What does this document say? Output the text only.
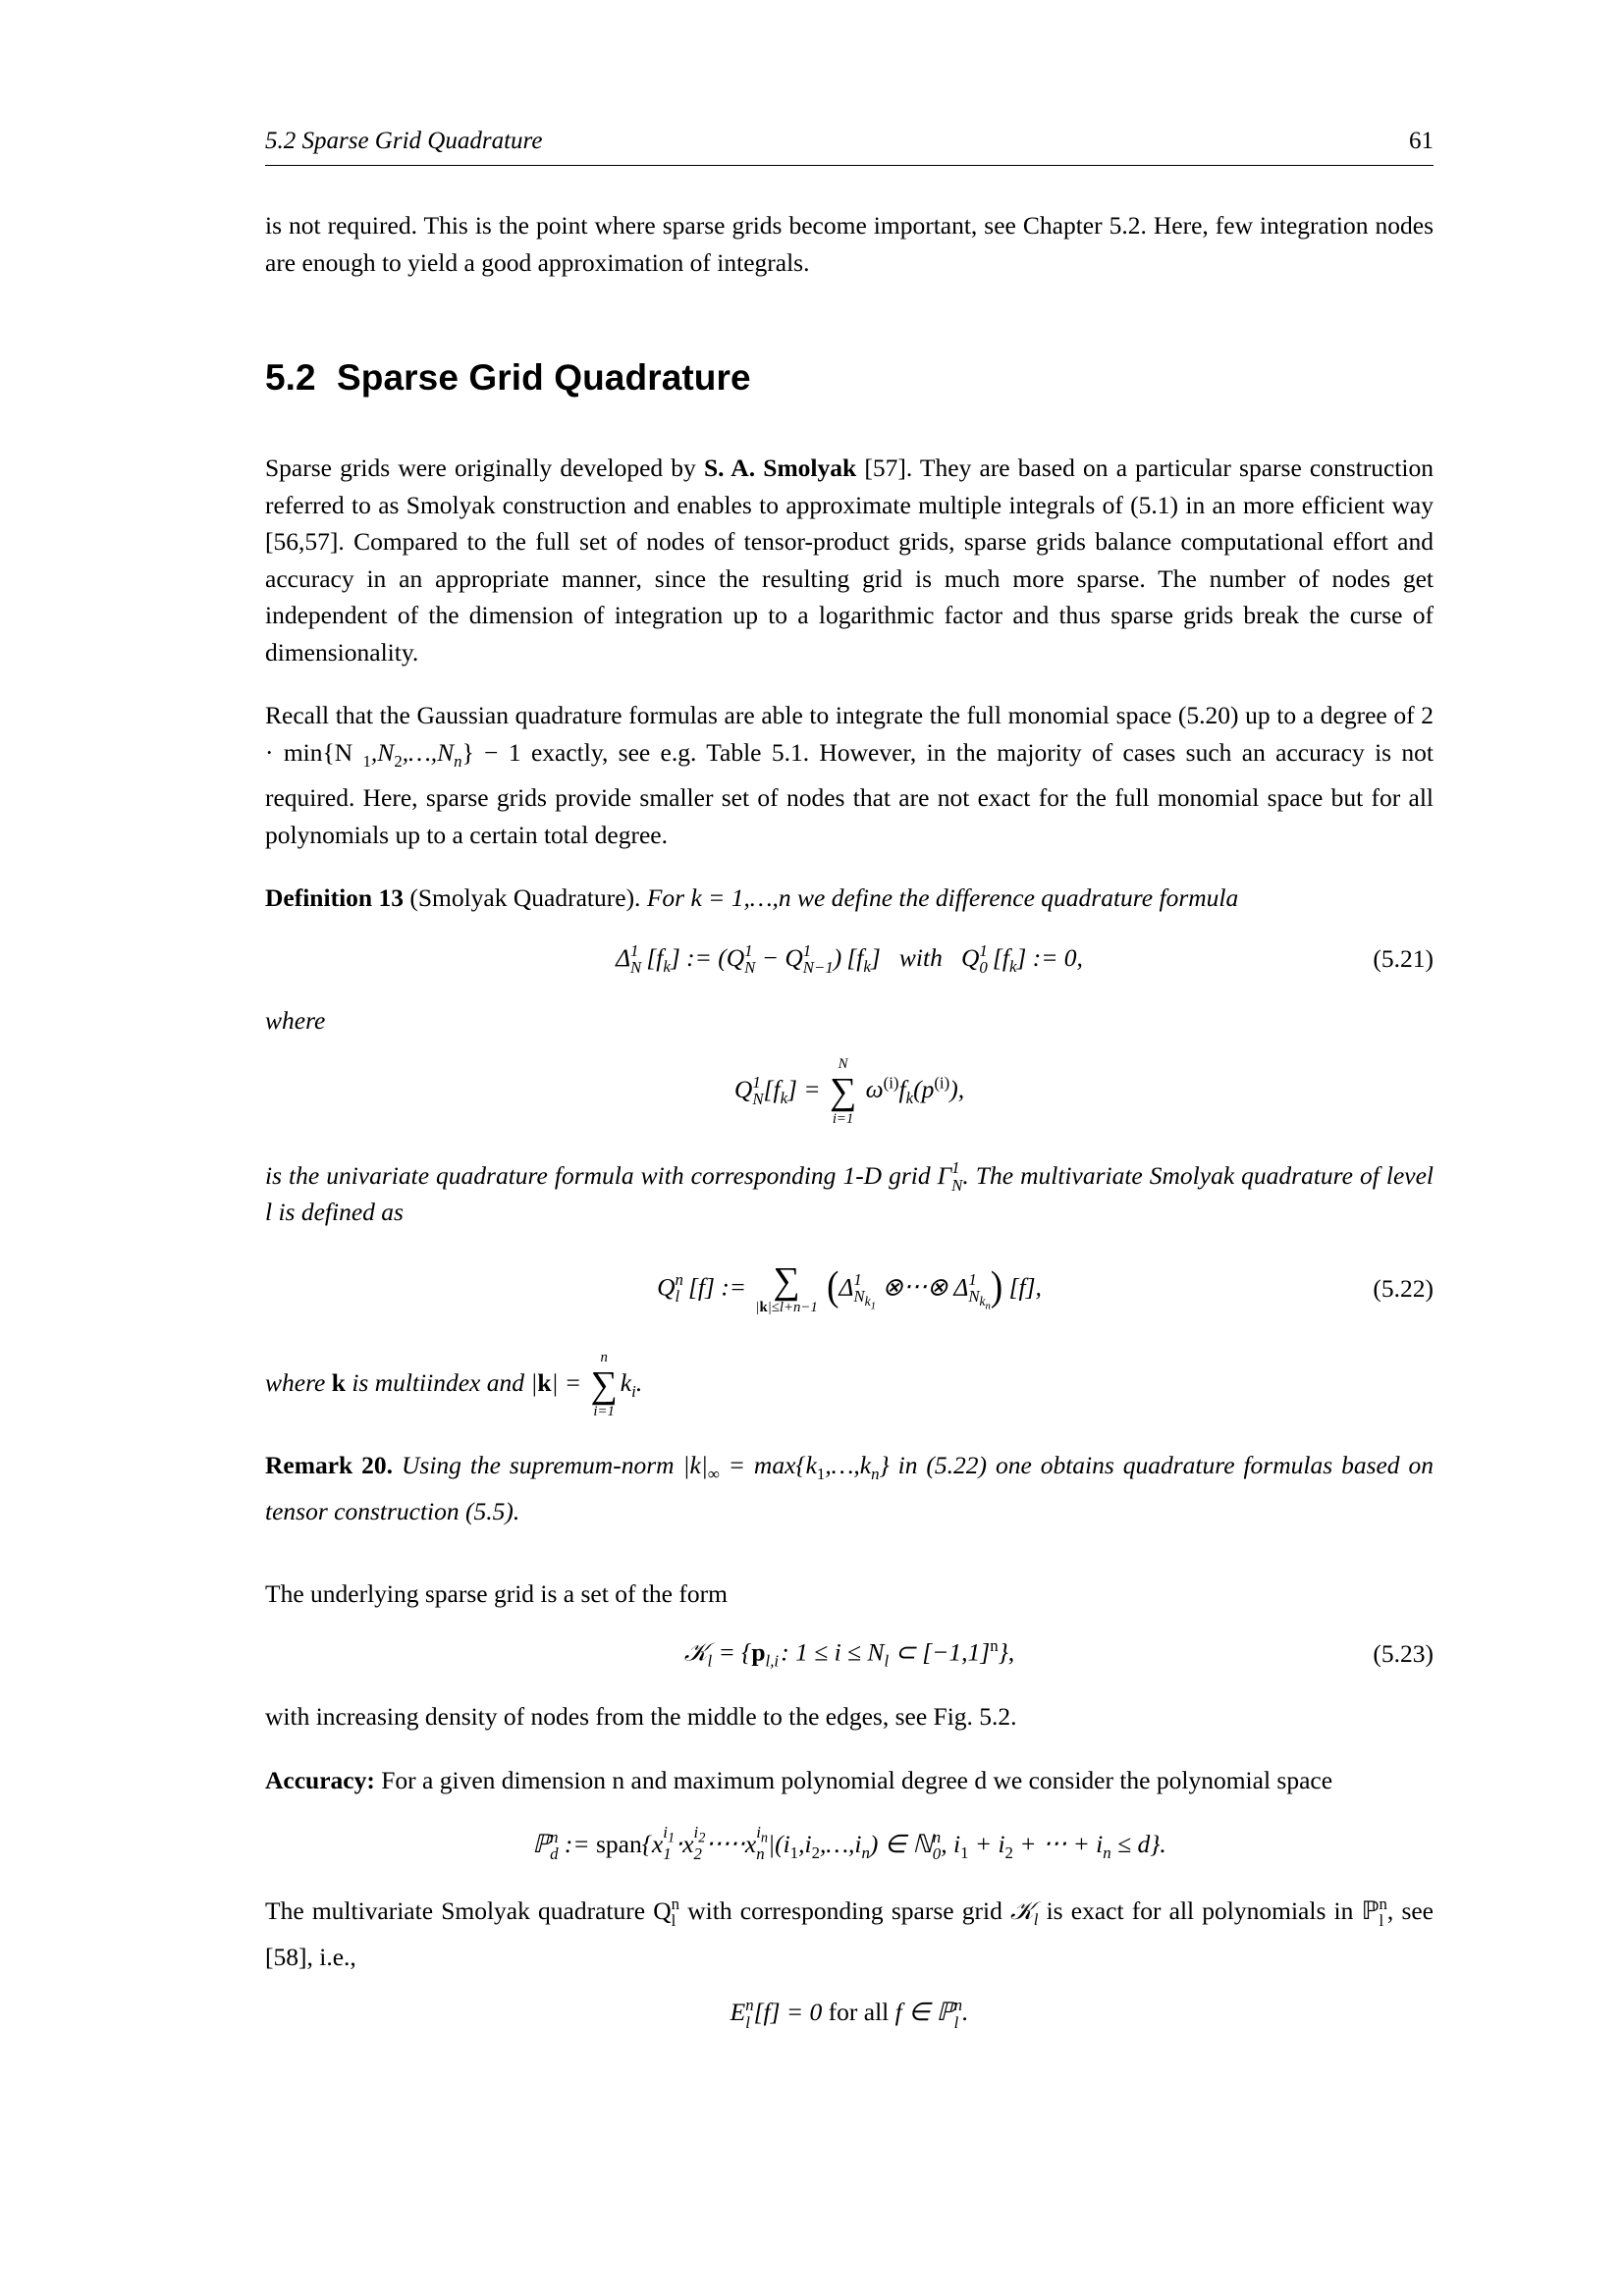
5.2 Sparse Grid Quadrature	61

is not required. This is the point where sparse grids become important, see Chapter 5.2. Here, few integration nodes are enough to yield a good approximation of integrals.

5.2 Sparse Grid Quadrature

Sparse grids were originally developed by S. A. Smolyak [57]. They are based on a particular sparse construction referred to as Smolyak construction and enables to approximate multiple integrals of (5.1) in an more efficient way [56,57]. Compared to the full set of nodes of tensor-product grids, sparse grids balance computational effort and accuracy in an appropriate manner, since the resulting grid is much more sparse. The number of nodes get independent of the dimension of integration up to a logarithmic factor and thus sparse grids break the curse of dimensionality.

Recall that the Gaussian quadrature formulas are able to integrate the full monomial space (5.20) up to a degree of 2 · min{N $_1,N_2,\dots,N_n\} - 1$ exactly, see e.g. Table 5.1. However, in the majority of cases such an accuracy is not required. Here, sparse grids provide smaller set of nodes that are not exact for the full monomial space but for all polynomials up to a certain total degree.

Definition 13 (Smolyak Quadrature). For k = 1,…,n we define the difference quadrature formula

Δ 1
N  $[f_k]$ := (Q 1
N − Q 1
N−1 ) $[f_k]$   with   Q 1
0  $[f_k]$ := 0,	(5.21)

where

Q 1
N $[f_k]$ =
N
∑
i=1
$\omega^{(i)}f_k(p^{(i)})$,

is the univariate quadrature formula with corresponding 1-D grid Γ 1
N . The multivariate Smolyak quadrature of level l is defined as

Q n
l  [f] := ∑
|k|≤l+n−1 (Δ 1
$N_{k_1}$
⊗⋅⋅⋅⊗ Δ 1
$N_{k_n}$ ) [f],	(5.22)

where k is multiindex and |k| =
n
∑
i=1
$k_i$.

Remark 20. Using the supremum-norm $|k|_\infty$ = $\max\{k_1,\dots,k_n\}$ in (5.22) one obtains quadrature formulas based on tensor construction (5.5).

The underlying sparse grid is a set of the form

𝒦$_l$ = {$p_{l,i}$ : $1 \le i \le N_l$ ⊂ $[-1,1]^n$},	(5.23)

with increasing density of nodes from the middle to the edges, see Fig. 5.2.

Accuracy: For a given dimension n and maximum polynomial degree d we consider the polynomial space

ℙ n
d := span{x $i_1$
1 ⋅x $i_2$
2 ⋅⋅⋅⋅⋅x $i_n$
n $|(i_1,i_2,\dots,i_n)$ ∈ ℕ n
0 , $i_1 + i_2$ + ⋅⋅⋅ + $i_n \le d$}.

The multivariate Smolyak quadrature Q n
l with corresponding sparse grid 𝒦$_l$ is exact for all polynomials in ℙ n
l , see [58], i.e.,

E n
l [f] = 0 for all f ∈ ℙ n
l .
